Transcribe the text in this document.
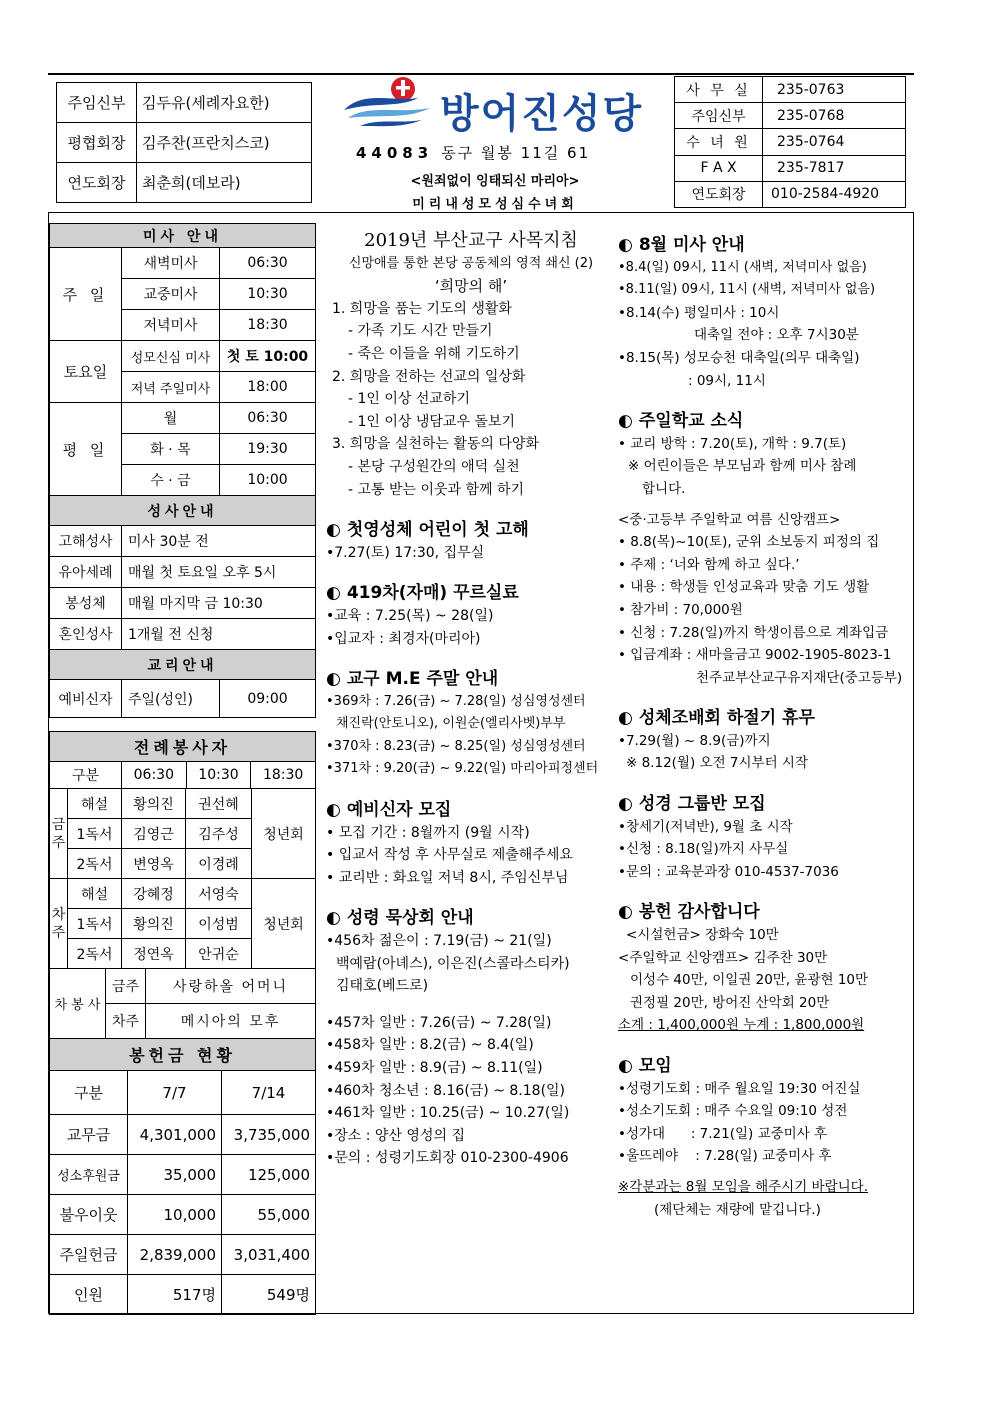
주임신부	김두유(세례자요한)
평협회장	김주찬(프란치스코)
연도회장	최춘희(데보라)
방어진성당
44083 동구 월봉 11길 61
<원죄없이 잉태되신 마리아>
미리내성모성심수녀회
사 무 실	235-0763
주임신부	235-0768
수 녀 원	235-0764
F A X	235-7817
연도회장	010-2584-4920
미사 안내		
주 일	새벽미사	06:30
	교중미사	10:30
	저녁미사	18:30
토요일	성모신심 미사	첫 토 10:00
	저녁 주일미사	18:00
평 일	월	06:30
	화 · 목	19:30
	수 · 금	10:00
성사안내		
고해성사	미사 30분 전	
유아세례	매월 첫 토요일 오후 5시	
봉성체	매월 마지막 금 10:30	
혼인성사	1개월 전 신청	
교리안내		
예비신자	주일(성인)	09:00
전례봉사자
구분	06:30	10:30	18:30
금주	해설	황의진	권선혜	청년회
	1독서	김영근	김주성	
	2독서	변영옥	이경례	
차주	해설	강혜정	서영숙	청년회
	1독서	황의진	이성범	
	2독서	정연옥	안귀순	
차 봉 사	금주	사랑하올 어머니
	차주	메시아의 모후
봉헌금 현황		
구분	7/7	7/14
교무금	4,301,000	3,735,000
성소후원금	35,000	125,000
불우이웃	10,000	55,000
주일헌금	2,839,000	3,031,400
인원	517명	549명
2019년 부산교구 사목지침
신망애를 통한 본당 공동체의 영적 쇄신 (2)
‘희망의 해’
1. 희망을 품는 기도의 생활화
- 가족 기도 시간 만들기
- 죽은 이들을 위해 기도하기
2. 희망을 전하는 선교의 일상화
- 1인 이상 선교하기
- 1인 이상 냉담교우 돌보기
3. 희망을 실천하는 활동의 다양화
- 본당 구성원간의 애덕 실천
- 고통 받는 이웃과 함께 하기
◐ 첫영성체 어린이 첫 고해
•7.27(토) 17:30, 집무실
◐ 419차(자매) 꾸르실료
•교육 : 7.25(목) ~ 28(일)
•입교자 : 최경자(마리아)
◐ 교구 M.E 주말 안내
•369차 : 7.26(금) ~ 7.28(일) 성심영성센터
채진락(안토니오), 이원순(엘리사벳)부부
•370차 : 8.23(금) ~ 8.25(일) 성심영성센터
•371차 : 9.20(금) ~ 9.22(일) 마리아피정센터
◐ 예비신자 모집
• 모집 기간 : 8월까지 (9월 시작)
• 입교서 작성 후 사무실로 제출해주세요
• 교리반 : 화요일 저녁 8시, 주임신부님
◐ 성령 묵상회 안내
•456차 젊은이 : 7.19(금) ~ 21(일)
백예람(아녜스), 이은진(스콜라스티카)
김태호(베드로)
•457차 일반 : 7.26(금) ~ 7.28(일)
•458차 일반 : 8.2(금) ~ 8.4(일)
•459차 일반 : 8.9(금) ~ 8.11(일)
•460차 청소년 : 8.16(금) ~ 8.18(일)
•461차 일반 : 10.25(금) ~ 10.27(일)
•장소 : 양산 영성의 집
•문의 : 성령기도회장 010-2300-4906
◐ 8월 미사 안내
•8.4(일) 09시, 11시 (새벽, 저녁미사 없음)
•8.11(일) 09시, 11시 (새벽, 저녁미사 없음)
•8.14(수) 평일미사 : 10시
대축일 전야 : 오후 7시30분
•8.15(목) 성모승천 대축일(의무 대축일)
: 09시, 11시
◐ 주일학교 소식
• 교리 방학 : 7.20(토), 개학 : 9.7(토)
※ 어린이들은 부모님과 함께 미사 참례
합니다.
<중·고등부 주일학교 여름 신앙캠프>
• 8.8(목)~10(토), 군위 소보동지 피정의 집
• 주제 : ‘너와 함께 하고 싶다.’
• 내용 : 학생들 인성교육과 맞춤 기도 생활
• 참가비 : 70,000원
• 신청 : 7.28(일)까지 학생이름으로 계좌입금
• 입금계좌 : 새마을금고 9002-1905-8023-1
천주교부산교구유지재단(중고등부)
◐ 성체조배회 하절기 휴무
•7.29(월) ~ 8.9(금)까지
※ 8.12(월) 오전 7시부터 시작
◐ 성경 그룹반 모집
•창세기(저녁반), 9월 초 시작
•신청 : 8.18(일)까지 사무실
•문의 : 교육분과장 010-4537-7036
◐ 봉헌 감사합니다
<시설헌금> 장화숙 10만
<주일학교 신앙캠프> 김주찬 30만
이성수 40만, 이일권 20만, 윤광현 10만
권정필 20만, 방어진 산악회 20만
소계 : 1,400,000원 누계 : 1,800,000원
◐ 모임
•성령기도회 : 매주 월요일 19:30 어진실
•성소기도회 : 매주 수요일 09:10 성전
•성가대      : 7.21(일) 교중미사 후
•울뜨레야    : 7.28(일) 교중미사 후
※각분과는 8월 모임을 해주시기 바랍니다.
(제단체는 재량에 맡깁니다.)
